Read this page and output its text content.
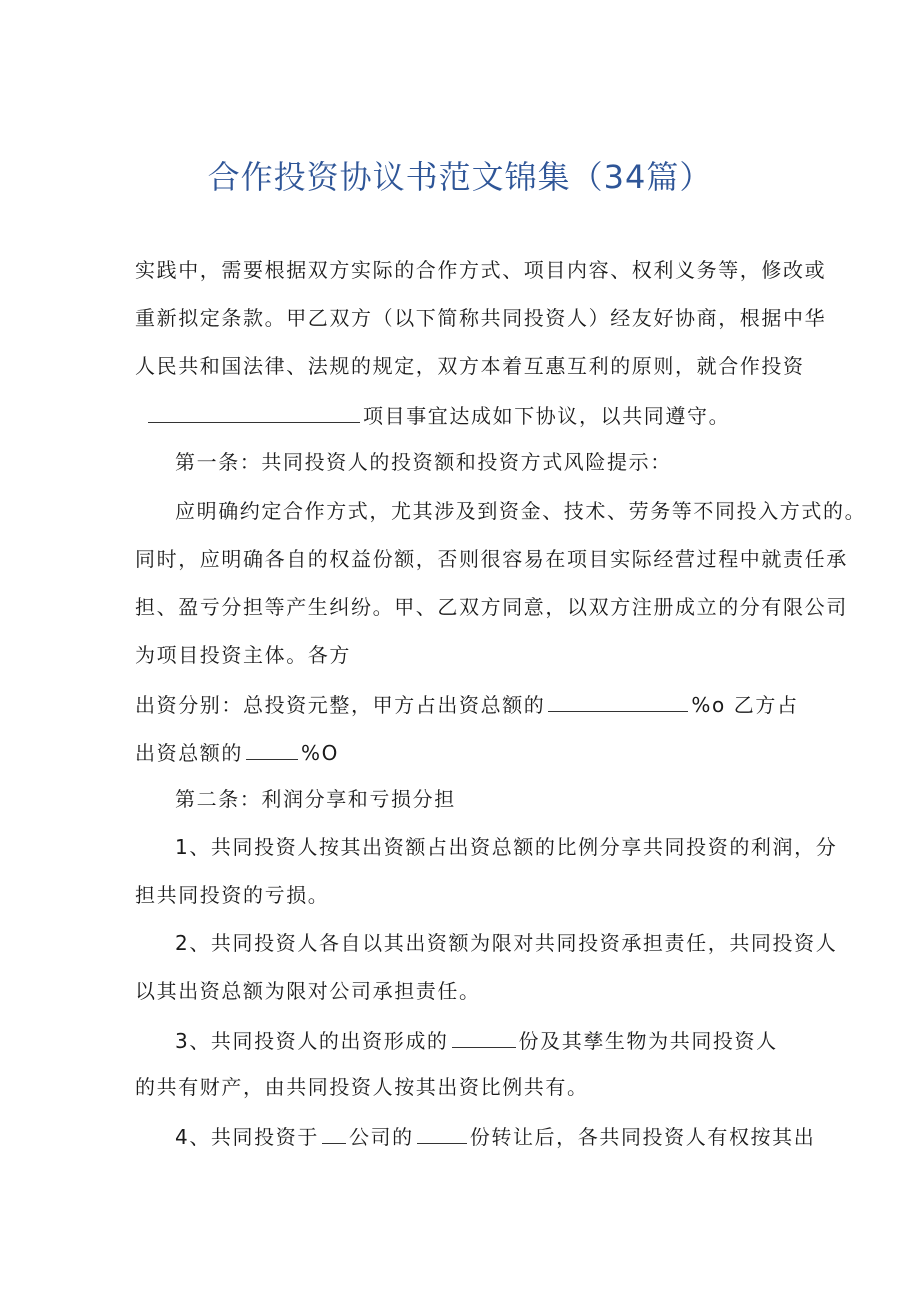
合作投资协议书范文锦集（34篇）
实践中，需要根据双方实际的合作方式、项目内容、权利义务等，修改或
重新拟定条款。甲乙双方（以下简称共同投资人）经友好协商，根据中华
人民共和国法律、法规的规定，双方本着互惠互利的原则，就合作投资
项目事宜达成如下协议，以共同遵守。
第一条：共同投资人的投资额和投资方式风险提示：
应明确约定合作方式，尤其涉及到资金、技术、劳务等不同投入方式的。
同时，应明确各自的权益份额，否则很容易在项目实际经营过程中就责任承
担、盈亏分担等产生纠纷。甲、乙双方同意，以双方注册成立的分有限公司
为项目投资主体。各方
出资分别：总投资元整，甲方占出资总额的	%o 乙方占
出资总额的	%O
第二条：利润分享和亏损分担
1、共同投资人按其出资额占出资总额的比例分享共同投资的利润，分
担共同投资的亏损。
2、共同投资人各自以其出资额为限对共同投资承担责任，共同投资人
以其出资总额为限对公司承担责任。
3、共同投资人的出资形成的	份及其孳生物为共同投资人
的共有财产，由共同投资人按其出资比例共有。
4、共同投资于 公司的	份转让后，各共同投资人有权按其出
